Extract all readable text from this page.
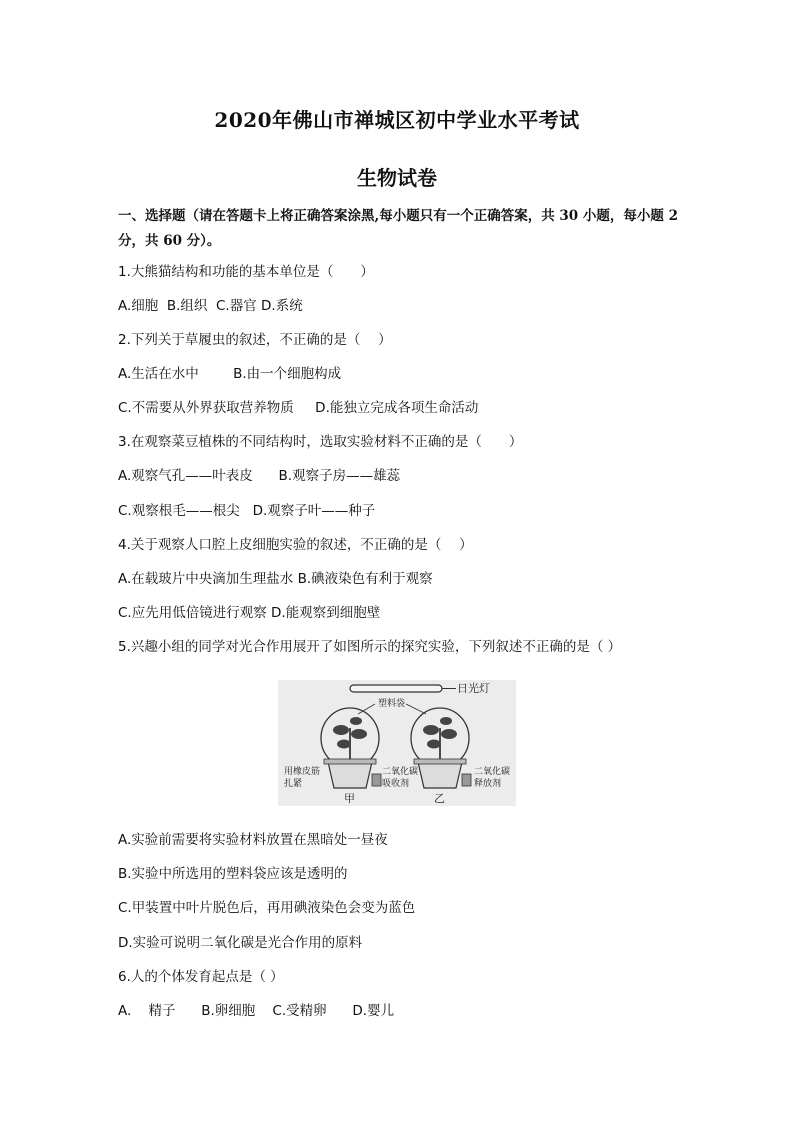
2020年佛山市禅城区初中学业水平考试
生物试卷
一、选择题（请在答题卡上将正确答案涂黑,每小题只有一个正确答案，共 30 小题，每小题 2 分，共 60 分）。
1.大熊猫结构和功能的基本单位是（　　）
A.细胞  B.组织  C.器官 D.系统
2.下列关于草履虫的叙述，不正确的是（　 ）
A.生活在水中        B.由一个细胞构成
C.不需要从外界获取营养物质     D.能独立完成各项生命活动
3.在观察菜豆植株的不同结构时，选取实验材料不正确的是（　　）
A.观察气孔——叶表皮      B.观察子房——雄蕊
C.观察根毛——根尖   D.观察子叶——种子
4.关于观察人口腔上皮细胞实验的叙述，不正确的是（　 ）
A.在载玻片中央滴加生理盐水 B.碘液染色有利于观察
C.应先用低倍镜进行观察 D.能观察到细胞壁
5.兴趣小组的同学对光合作用展开了如图所示的探究实验，下列叙述不正确的是（ ）
日光灯
塑料袋
用橡皮筋
扎紧
二氧化碳
吸收剂
甲
二氧化碳
释放剂
乙
A.实验前需要将实验材料放置在黑暗处一昼夜
B.实验中所选用的塑料袋应该是透明的
C.甲装置中叶片脱色后，再用碘液染色会变为蓝色
D.实验可说明二氧化碳是光合作用的原料
6.人的个体发育起点是（ ）
A.    精子      B.卵细胞    C.受精卵      D.婴儿
